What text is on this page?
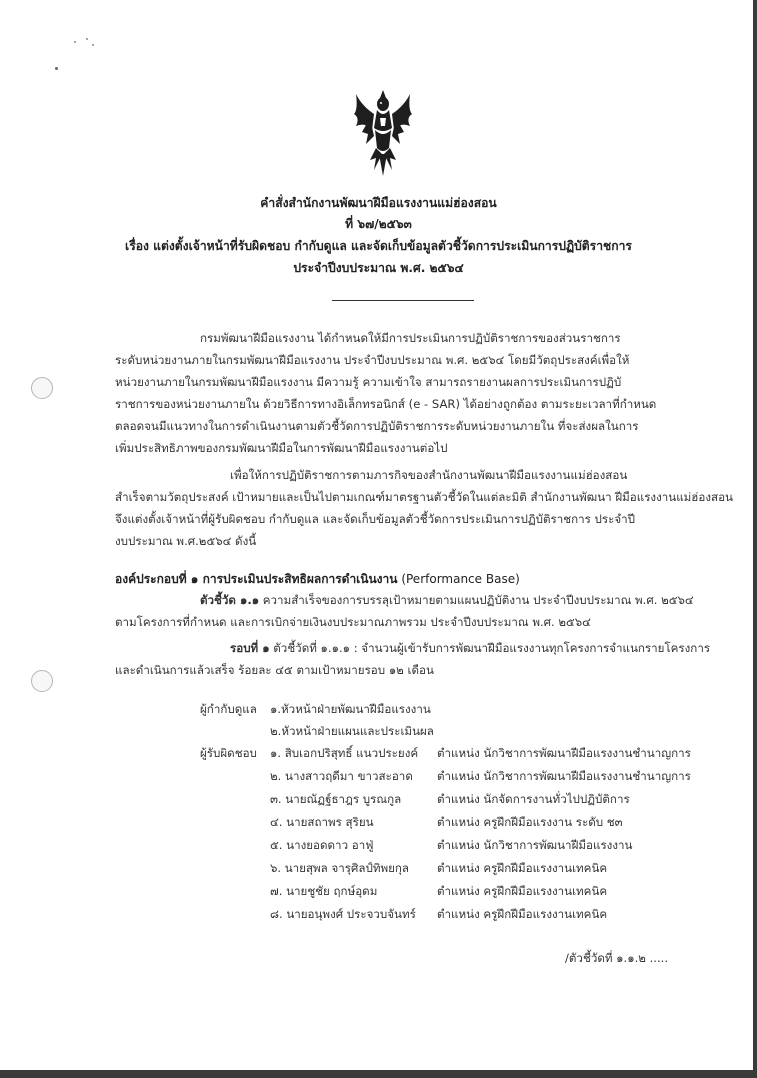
คำสั่งสำนักงานพัฒนาฝีมือแรงงานแม่ฮ่องสอน
ที่ ๖๗/๒๕๖๓
เรื่อง แต่งตั้งเจ้าหน้าที่รับผิดชอบ กำกับดูแล และจัดเก็บข้อมูลตัวชี้วัดการประเมินการปฏิบัติราชการ
ประจำปีงบประมาณ พ.ศ. ๒๕๖๔
กรมพัฒนาฝีมือแรงงาน ได้กำหนดให้มีการประเมินการปฏิบัติราชการของส่วนราชการ
ระดับหน่วยงานภายในกรมพัฒนาฝีมือแรงงาน ประจำปีงบประมาณ พ.ศ. ๒๕๖๔ โดยมีวัตถุประสงค์เพื่อให้
หน่วยงานภายในกรมพัฒนาฝีมือแรงงาน มีความรู้ ความเข้าใจ สามารถรายงานผลการประเมินการปฏิบั
ราชการของหน่วยงานภายใน ด้วยวิธีการทางอิเล็กทรอนิกส์ (e - SAR) ได้อย่างถูกต้อง ตามระยะเวลาที่กำหนด
ตลอดจนมีแนวทางในการดำเนินงานตามตัวชี้วัดการปฏิบัติราชการระดับหน่วยงานภายใน ที่จะส่งผลในการ
เพิ่มประสิทธิภาพของกรมพัฒนาฝีมือในการพัฒนาฝีมือแรงงานต่อไป
เพื่อให้การปฏิบัติราชการตามภารกิจของสำนักงานพัฒนาฝีมือแรงงานแม่ฮ่องสอน
สำเร็จตามวัตถุประสงค์ เป้าหมายและเป็นไปตามเกณฑ์มาตรฐานตัวชี้วัดในแต่ละมิติ สำนักงานพัฒนา ฝีมือแรงงานแม่ฮ่องสอน
จึงแต่งตั้งเจ้าหน้าที่ผู้รับผิดชอบ กำกับดูแล และจัดเก็บข้อมูลตัวชี้วัดการประเมินการปฏิบัติราชการ ประจำปี
งบประมาณ พ.ศ.๒๕๖๔ ดังนี้
องค์ประกอบที่ ๑ การประเมินประสิทธิผลการดำเนินงาน (Performance Base)
ตัวชี้วัด ๑.๑ ความสำเร็จของการบรรลุเป้าหมายตามแผนปฏิบัติงาน ประจำปีงบประมาณ พ.ศ. ๒๕๖๔
ตามโครงการที่กำหนด และการเบิกจ่ายเงินงบประมาณภาพรวม ประจำปีงบประมาณ พ.ศ. ๒๕๖๔
รอบที่ ๑ ตัวชี้วัดที่ ๑.๑.๑ : จำนวนผู้เข้ารับการพัฒนาฝีมือแรงงานทุกโครงการจำแนกรายโครงการ
และดำเนินการแล้วเสร็จ ร้อยละ ๔๕ ตามเป้าหมายรอบ ๑๒ เดือน
ผู้กำกับดูแล ๑.หัวหน้าฝ่ายพัฒนาฝีมือแรงงาน
๒.หัวหน้าฝ่ายแผนและประเมินผล
ผู้รับผิดชอบ ๑. สิบเอกปริสุทธิ์ แนวประยงค์ ตำแหน่ง นักวิชาการพัฒนาฝีมือแรงงานชำนาญการ
๒. นางสาวฤดีมา ขาวสะอาด ตำแหน่ง นักวิชาการพัฒนาฝีมือแรงงานชำนาญการ
๓. นายณัฏฐ์ธาฎร บูรณกูล	ตำแหน่ง นักจัดการงานทั่วไปปฏิบัติการ
๔. นายสถาพร สุริยน	ตำแหน่ง ครูฝึกฝีมือแรงงาน ระดับ ช๓
๕. นางยอดดาว อาฟู่	ตำแหน่ง นักวิชาการพัฒนาฝีมือแรงงาน
๖. นายสุพล จารุศิลป์ทิพยกุล ตำแหน่ง ครูฝึกฝีมือแรงงานเทคนิค
๗. นายชูชัย ฤกษ์อุดม	ตำแหน่ง ครูฝึกฝีมือแรงงานเทคนิค
๘. นายอนุพงศ์ ประจวบจันทร์ ตำแหน่ง ครูฝึกฝีมือแรงงานเทคนิค
/ตัวชี้วัดที่ ๑.๑.๒ .....
